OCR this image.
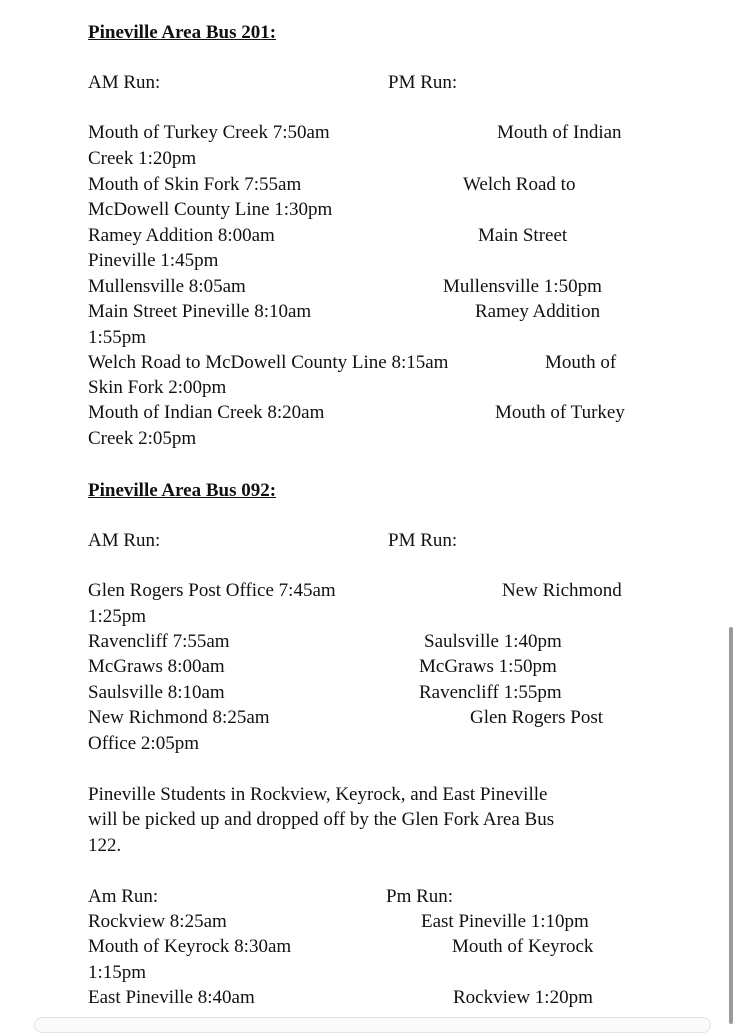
Pineville Area Bus 201:
AM Run:	PM Run:
Mouth of Turkey Creek 7:50am	Mouth of Indian
Creek 1:20pm
Mouth of Skin Fork 7:55am	Welch Road to
McDowell County Line 1:30pm
Ramey Addition 8:00am	Main Street
Pineville 1:45pm
Mullensville 8:05am	Mullensville 1:50pm
Main Street Pineville 8:10am	Ramey Addition
1:55pm
Welch Road to McDowell County Line 8:15am	Mouth of
Skin Fork 2:00pm
Mouth of Indian Creek 8:20am	Mouth of Turkey
Creek 2:05pm
Pineville Area Bus 092:
AM Run:	PM Run:
Glen Rogers Post Office 7:45am	New Richmond
1:25pm
Ravencliff 7:55am	Saulsville 1:40pm
McGraws 8:00am	McGraws 1:50pm
Saulsville 8:10am	Ravencliff 1:55pm
New Richmond 8:25am	Glen Rogers Post
Office 2:05pm
Pineville Students in Rockview, Keyrock, and East Pineville
will be picked up and dropped off by the Glen Fork Area Bus
122.
Am Run:	Pm Run:
Rockview 8:25am	East Pineville 1:10pm
Mouth of Keyrock 8:30am	Mouth of Keyrock
1:15pm
East Pineville 8:40am	Rockview 1:20pm
